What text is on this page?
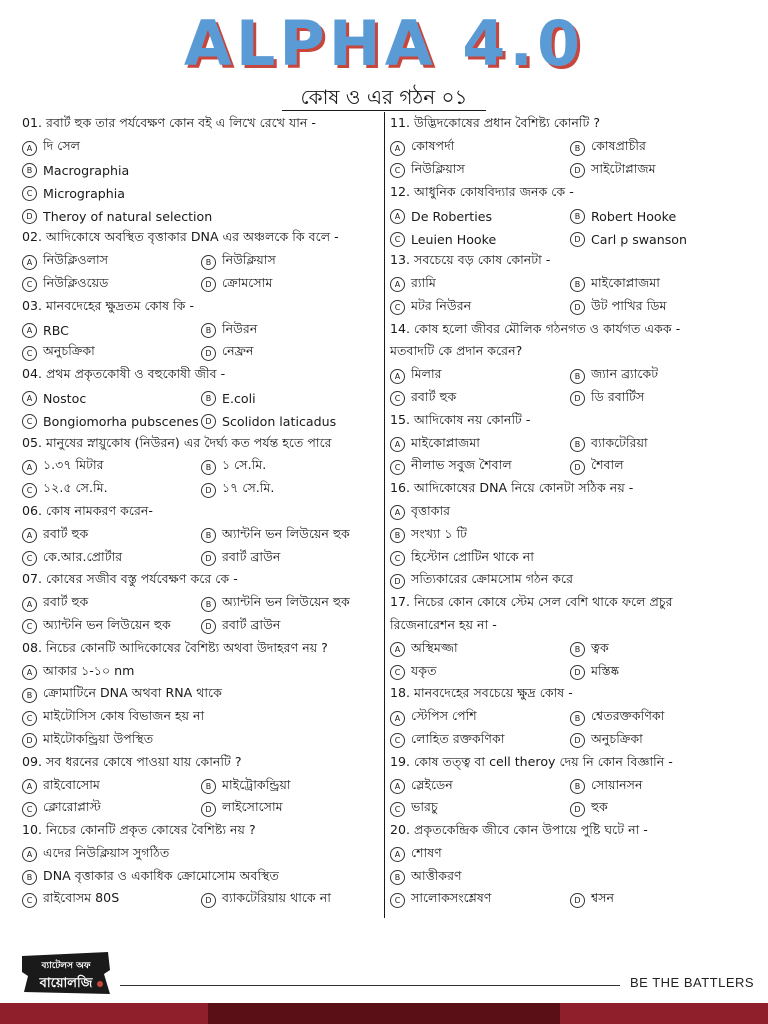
ALPHA 4.0
কোষ ও এর গঠন ০১
01. রবার্ট হুক তার পর্যবেক্ষণ কোন বই এ লিখে রেখে যান -
A দি সেল
B Macrographia
C Micrographia
D Theroy of natural selection
02. আদিকোষে অবস্থিত বৃত্তাকার DNA এর অঞ্চলকে কি বলে -
A নিউক্লিওলাস	B নিউক্লিয়াস
C নিউক্লিওয়েড	D ক্রোমসোম
03. মানবদেহের ক্ষুদ্রতম কোষ কি -
A RBC	B নিউরন
C অনুচক্রিকা	D নেফ্রন
04. প্রথম প্রকৃতকোষী ও বহুকোষী জীব -
A Nostoc	B E.coli
C Bongiomorha pubscenes D Scolidon laticadus
05. মানুষের স্নায়ুকোষ (নিউরন) এর দৈর্ঘ্য কত পর্যন্ত হতে পারে
A ১.৩৭ মিটার	B ১ সে.মি.
C ১২.৫ সে.মি.	D ১৭ সে.মি.
06. কোষ নামকরণ করেন-
A রবার্ট হুক	B অ্যান্টনি ভন লিউয়েন হুক
C কে.আর.প্রোর্টার	D রবার্ট ব্রাউন
07. কোষের সজীব বস্তু পর্যবেক্ষণ করে কে -
A রবার্ট হুক	B অ্যান্টনি ভন লিউয়েন হুক
C অ্যান্টনি ভন লিউয়েন হুক	D রবার্ট ব্রাউন
08. নিচের কোনটি আদিকোষের বৈশিষ্ট্য অথবা উদাহরণ নয় ?
A আকার ১-১০ nm
B ক্রোমাটিনে DNA অথবা RNA থাকে
C মাইটোসিস কোষ বিভাজন হয় না
D মাইটোকন্ড্রিয়া উপস্থিত
09. সব ধরনের কোষে পাওয়া যায় কোনটি ?
A রাইবোসোম	B মাইট্রোকন্ড্রিয়া
C ক্লোরোপ্লাস্ট	D লাইসোসোম
10. নিচের কোনটি প্রকৃত কোষের বৈশিষ্ট্য নয় ?
A এদের নিউক্লিয়াস সুগঠিত
B DNA বৃত্তাকার ও একাধিক ক্রোমোসোম অবস্থিত
C রাইবোসম 80S	D ব্যাকটেরিয়ায় থাকে না
11. উদ্ভিদকোষের প্রধান বৈশিষ্ট্য কোনটি ?
A কোষপর্দা	B কোষপ্রাচীর
C নিউক্লিয়াস	D সাইটোপ্লাজম
12. আধুনিক কোষবিদ্যার জনক কে -
A De Roberties	B Robert Hooke
C Leuien Hooke	D Carl p swanson
13. সবচেয়ে বড় কোষ কোনটা -
A র‍্যামি	B মাইকোপ্লাজমা
C মটর নিউরন	D উট পাখির ডিম
14. কোষ হলো জীবর মৌলিক গঠনগত ও কার্যগত একক -
মতবাদটি কে প্রদান করেন?
A মিলার	B জ্যান ব্র্যাকেট
C রবার্ট হুক	D ডি রবার্টিস
15. আদিকোষ নয় কোনটি -
A মাইকোপ্লাজমা	B ব্যাকটেরিয়া
C নীলাভ সবুজ শৈবাল	D শৈবাল
16. আদিকোষের DNA নিয়ে কোনটা সঠিক নয় -
A বৃত্তাকার
B সংখ্যা ১ টি
C হিস্টোন প্রোটিন থাকে না
D সত্যিকারের ক্রোমসোম গঠন করে
17. নিচের কোন কোষে স্টেম সেল বেশি থাকে ফলে প্রচুর
রিজেনারেশন হয় না -
A অস্থিমজ্জা	B ত্বক
C যকৃত	D মস্তিষ্ক
18. মানবদেহের সবচেয়ে ক্ষুদ্র কোষ -
A স্টেপিস পেশি	B শ্বেতরক্তকণিকা
C লোহিত রক্তকণিকা	D অনুচক্রিকা
19. কোষ তত্ত্ব বা cell theroy দেয় নি কোন বিজ্ঞানি -
A স্লেইডেন	B সোয়ানসন
C ভারচু	D হুক
20. প্রকৃতকেন্দ্রিক জীবে কোন উপায়ে পুষ্টি ঘটে না -
A শোষণ
B আত্তীকরণ
C সালোকসংশ্লেষণ	D শ্বসন
ব্যাটেলস অফ
বায়োলজি	BE THE BATTLERS
